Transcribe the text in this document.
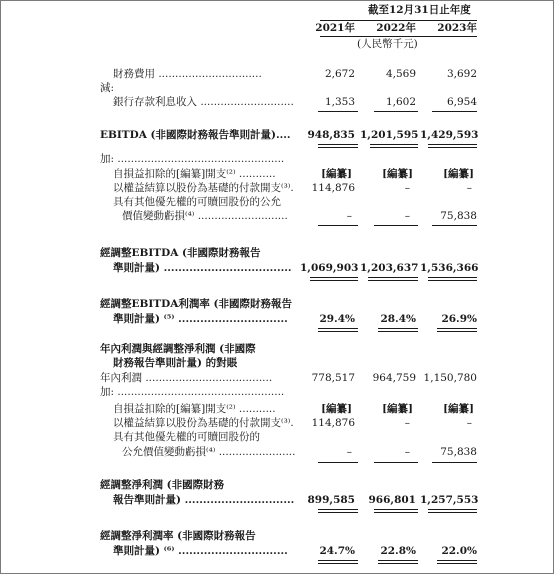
截至12月31日止年度
2021年	2022年	2023年
(人民幣千元)
財務費用 ...............................	2,672	4,569	3,692
減:
銀行存款利息收入 ............................	1,353	1,602	6,954
EBITDA (非國際財務報告準則計量)....	948,835 1,201,595 1,429,593
加: ..................................................
自損益扣除的[編纂]開支⁽²⁾ ...........	[編纂]	[編纂]	[編纂]
以權益結算以股份為基礎的付款開支⁽³⁾.	114,876	–	–
具有其他優先權的可贖回股份的公允
價值變動虧損⁽⁴⁾ ...........................	–	–	75,838
經調整EBITDA (非國際財務報告
準則計量) ................................... 1,069,903 1,203,637 1,536,366
經調整EBITDA利潤率 (非國際財務報告
準則計量) ⁽⁵⁾ ..............................	29.4%	28.4%	26.9%
年內利潤與經調整淨利潤 (非國際
財務報告準則計量) 的對賬
年內利潤 ......................................	778,517	964,759 1,150,780
加: ..................................................
自損益扣除的[編纂]開支⁽²⁾ ...........	[編纂]	[編纂]	[編纂]
以權益結算以股份為基礎的付款開支⁽³⁾.	114,876	–	–
具有其他優先權的可贖回股份的
公允價值變動虧損⁽⁴⁾ .......................	–	–	75,838
經調整淨利潤 (非國際財務
報告準則計量) ..............................	899,585	966,801 1,257,553
經調整淨利潤率 (非國際財務報告
準則計量) ⁽⁶⁾ ..............................	24.7%	22.8%	22.0%
